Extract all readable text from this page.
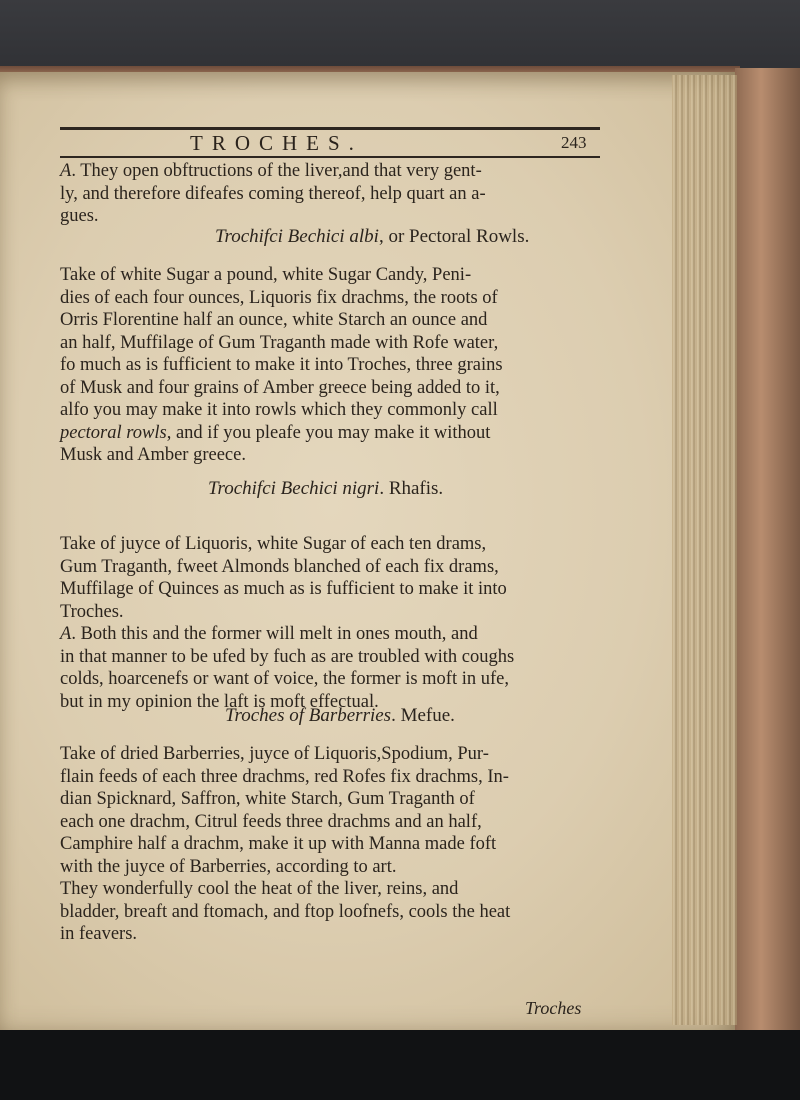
TROCHES.	243
A. They open obftructions of the liver,and that very gent-
ly, and therefore difeafes coming thereof, help quart an a-
gues.
Trochifci Bechici albi, or Pectoral Rowls.
Take of white Sugar a pound, white Sugar Candy, Peni-
dies of each four ounces, Liquoris fix drachms, the roots of
Orris Florentine half an ounce, white Starch an ounce and
an half, Muffilage of Gum Traganth made with Rofe water,
fo much as is fufficient to make it into Troches, three grains
of Musk and four grains of Amber greece being added to it,
alfo you may make it into rowls which they commonly call
pectoral rowls, and if you pleafe you may make it without
Musk and Amber greece.
Trochifci Bechici nigri. Rhafis.
Take of juyce of Liquoris, white Sugar of each ten drams,
Gum Traganth, fweet Almonds blanched of each fix drams,
Muffilage of Quinces as much as is fufficient to make it into
Troches.
A. Both this and the former will melt in ones mouth, and
in that manner to be ufed by fuch as are troubled with coughs
colds, hoarcenefs or want of voice, the former is moft in ufe,
but in my opinion the laft is moft effectual.
Troches of Barberries. Mefue.
Take of dried Barberries, juyce of Liquoris,Spodium, Pur-
flain feeds of each three drachms, red Rofes fix drachms, In-
dian Spicknard, Saffron, white Starch, Gum Traganth of
each one drachm, Citrul feeds three drachms and an half,
Camphire half a drachm, make it up with Manna made foft
with the juyce of Barberries, according to art.
They wonderfully cool the heat of the liver, reins, and
bladder, breaft and ftomach, and ftop loofnefs, cools the heat
in feavers.
Troches
